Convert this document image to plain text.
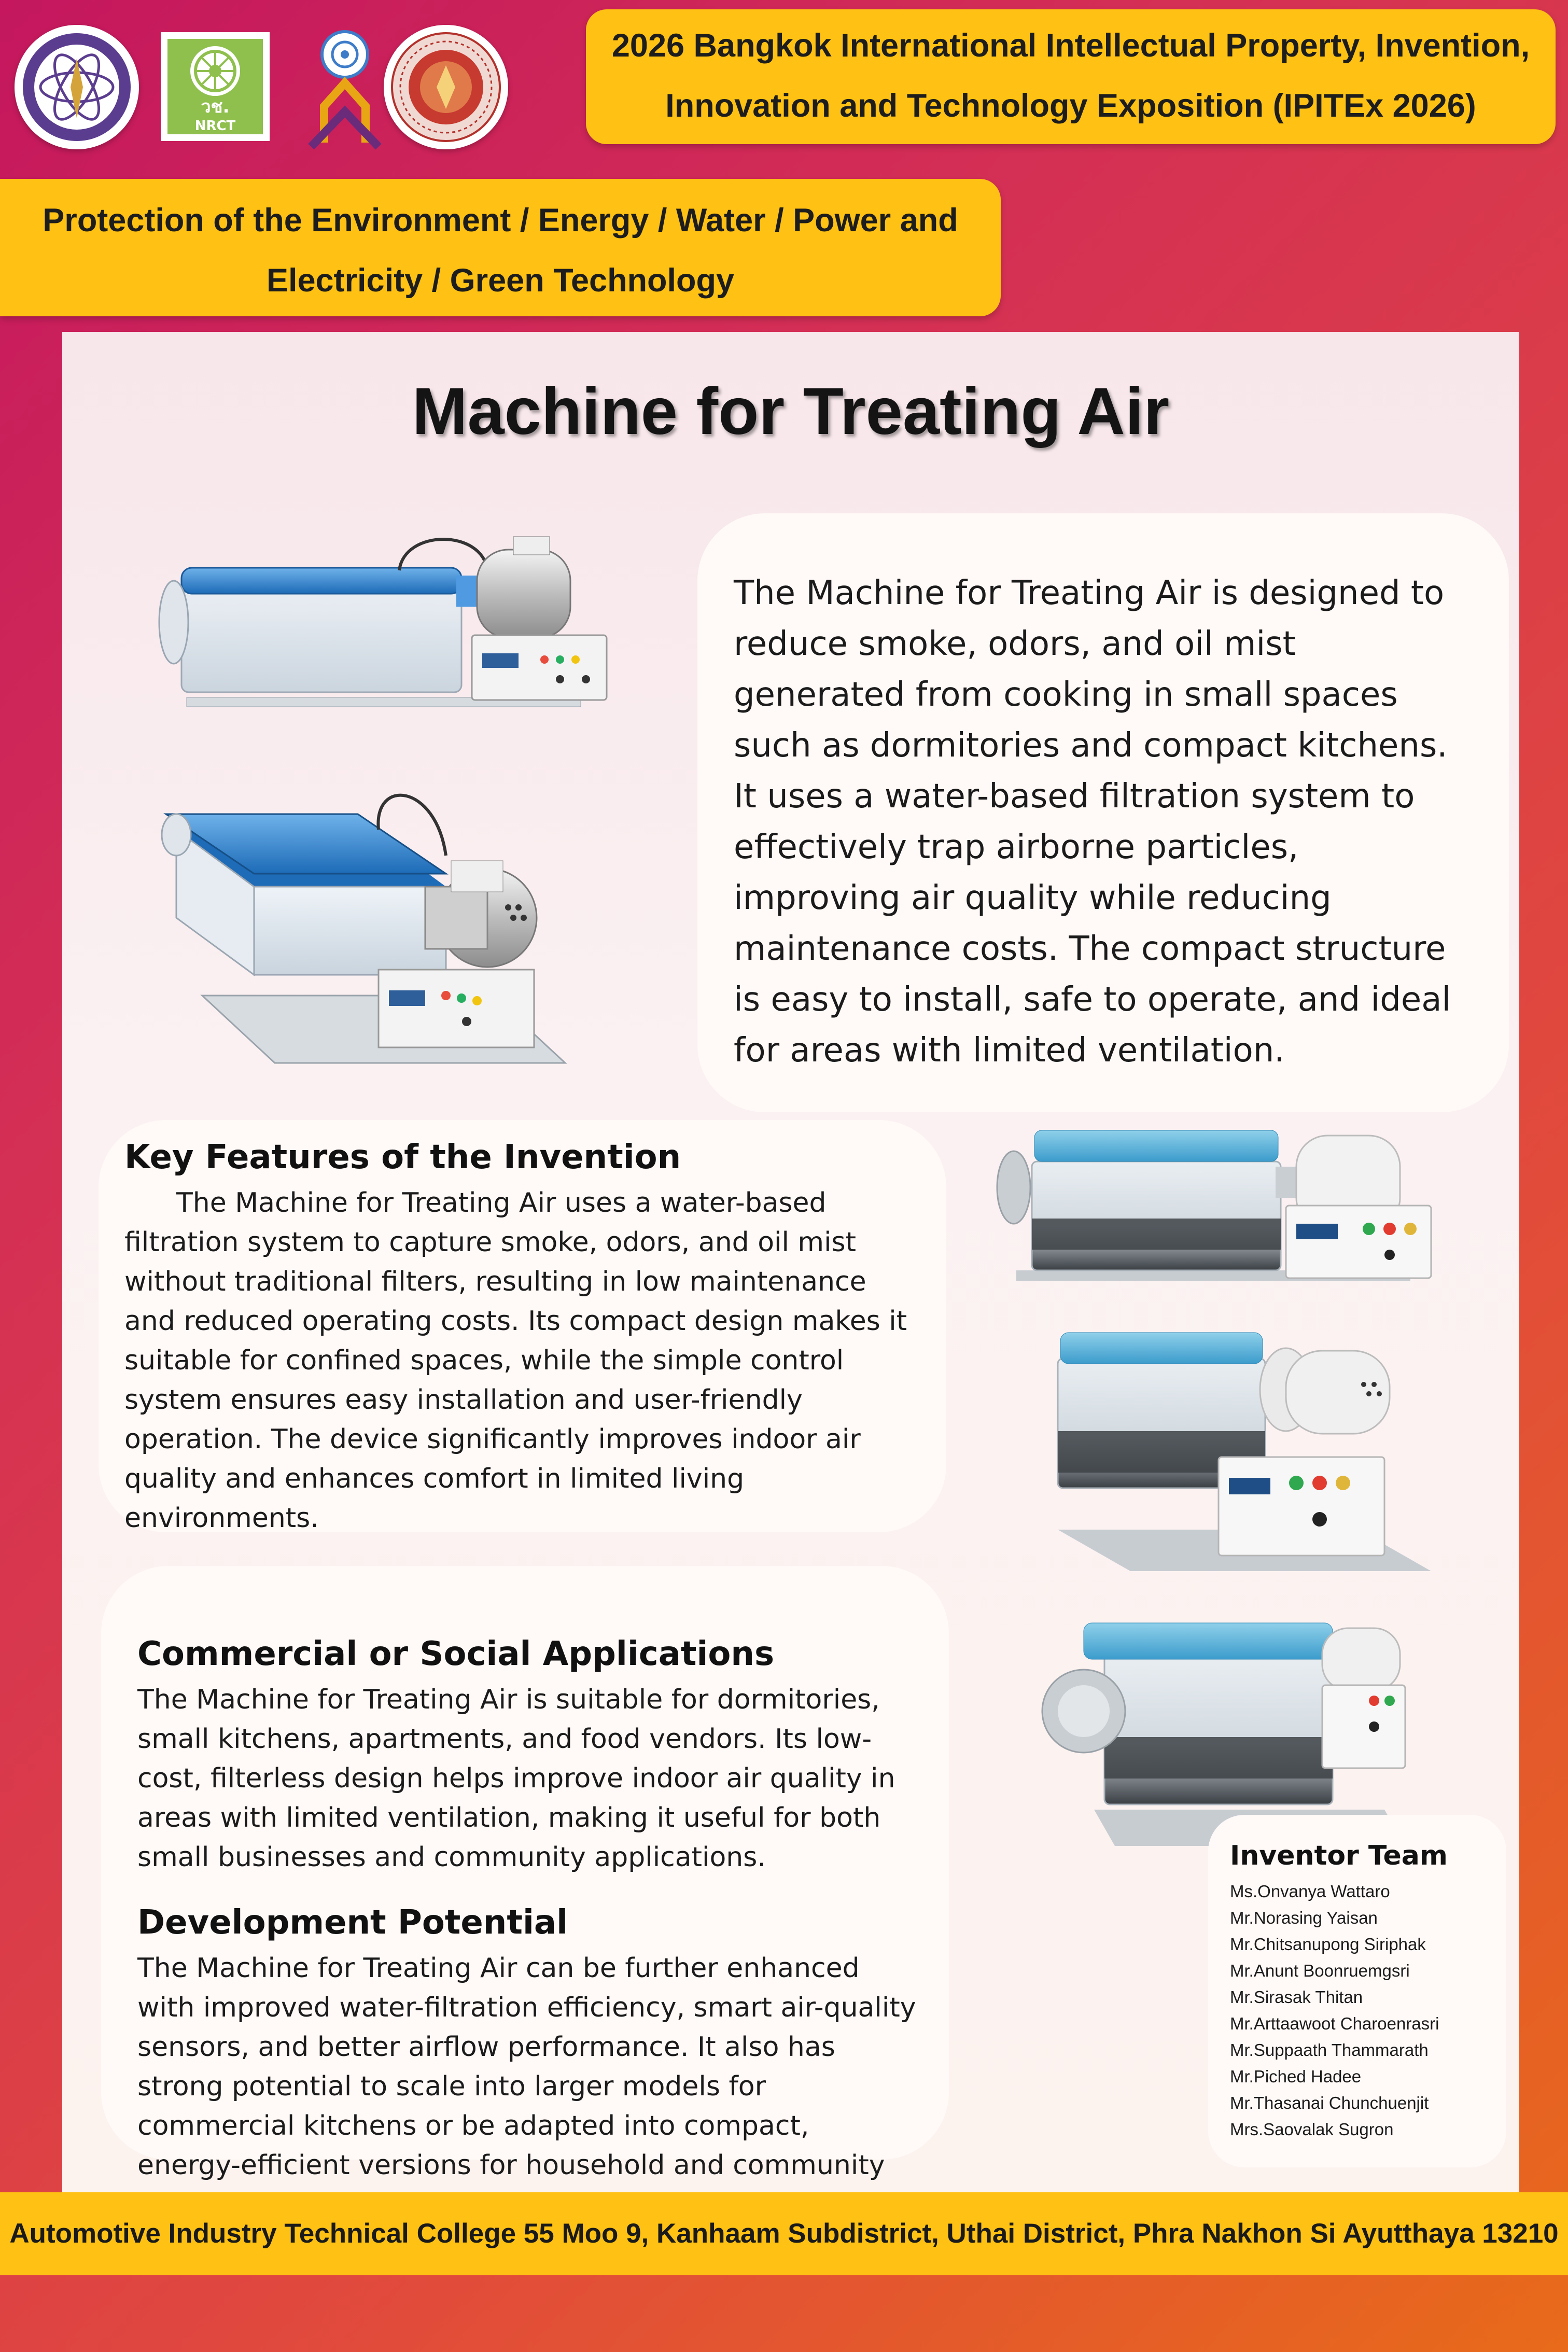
วช.
NRCT
2026 Bangkok International Intellectual Property, Invention,
Innovation and Technology Exposition (IPITEx 2026)
Protection of the Environment / Energy / Water / Power and
Electricity / Green Technology
Machine for Treating Air

The Machine for Treating Air is designed to reduce smoke, odors, and oil mist generated from cooking in small spaces such as dormitories and compact kitchens. It uses a water-based filtration system to effectively trap airborne particles, improving air quality while reducing maintenance costs. The compact structure is easy to install, safe to operate, and ideal for areas with limited ventilation.

Key Features of the Invention

The Machine for Treating Air uses a water-based filtration system to capture smoke, odors, and oil mist without traditional filters, resulting in low maintenance and reduced operating costs. Its compact design makes it suitable for confined spaces, while the simple control system ensures easy installation and user-friendly operation. The device significantly improves indoor air quality and enhances comfort in limited living environments.

Commercial or Social Applications

The Machine for Treating Air is suitable for dormitories, small kitchens, apartments, and food vendors. Its low-cost, filterless design helps improve indoor air quality in areas with limited ventilation, making it useful for both small businesses and community applications.

Development Potential

The Machine for Treating Air can be further enhanced with improved water-filtration efficiency, smart air-quality sensors, and better airflow performance. It also has strong potential to scale into larger models for commercial kitchens or be adapted into compact, energy-efficient versions for household and community

Inventor Team
Ms.Onvanya Wattaro
Mr.Norasing Yaisan
Mr.Chitsanupong Siriphak
Mr.Anunt Boonruemgsri
Mr.Sirasak Thitan
Mr.Arttaawoot Charoenrasri
Mr.Suppaath Thammarath
Mr.Piched Hadee
Mr.Thasanai Chunchuenjit
Mrs.Saovalak Sugron
Automotive Industry Technical College 55 Moo 9, Kanhaam Subdistrict, Uthai District, Phra Nakhon Si Ayutthaya 13210
